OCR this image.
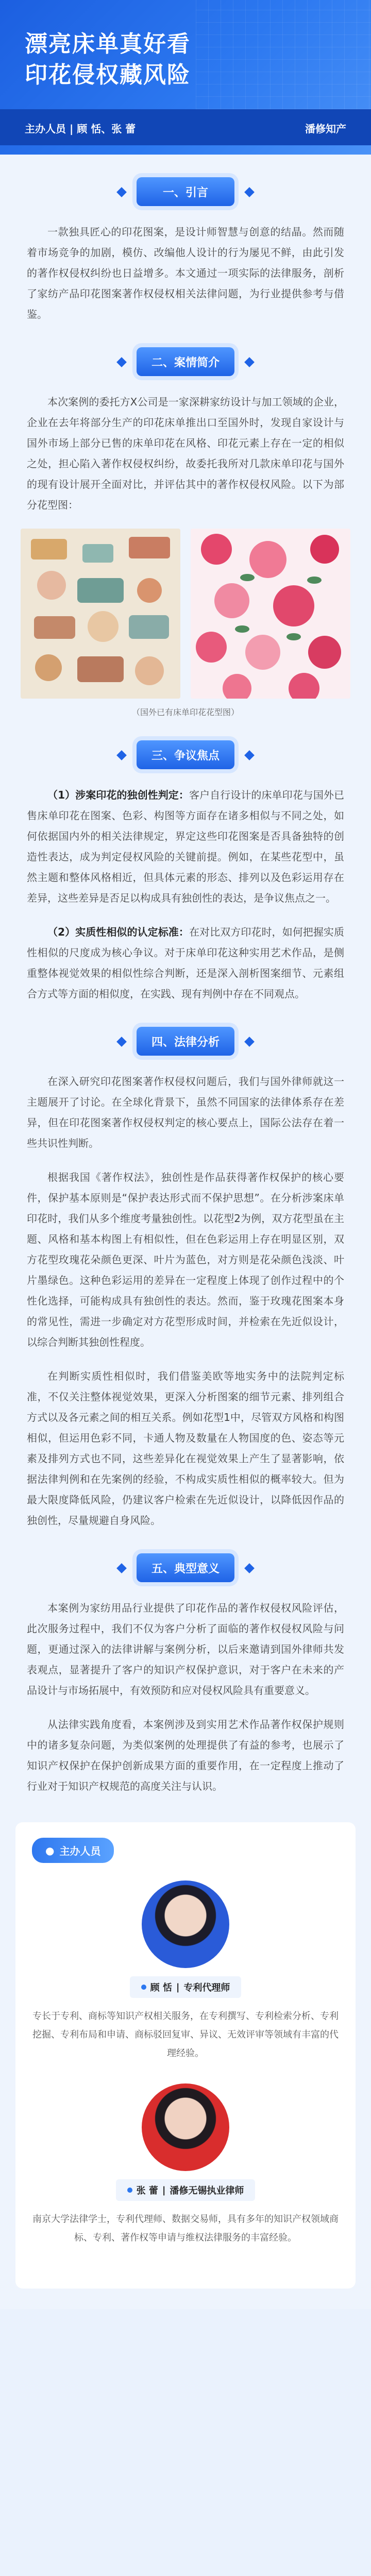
漂亮床单真好看
印花侵权藏风险
主办人员 | 顾 恬、张 蕾	潘修知产
一、引言

一款独具匠心的印花图案，是设计师智慧与创意的结晶。然而随着市场竞争的加剧，模仿、改编他人设计的行为屡见不鲜，由此引发的著作权侵权纠纷也日益增多。本文通过一项实际的法律服务，剖析了家纺产品印花图案著作权侵权相关法律问题，为行业提供参考与借鉴。

二、案情简介

本次案例的委托方X公司是一家深耕家纺设计与加工领域的企业，企业在去年将部分生产的印花床单推出口至国外时，发现自家设计与国外市场上部分已售的床单印花在风格、印花元素上存在一定的相似之处，担心陷入著作权侵权纠纷，故委托我所对几款床单印花与国外的现有设计展开全面对比，并评估其中的著作权侵权风险。以下为部分花型图：

（国外已有床单印花花型图）
三、争议焦点

（1）涉案印花的独创性判定：客户自行设计的床单印花与国外已售床单印花在图案、色彩、构图等方面存在诸多相似与不同之处，如何依据国内外的相关法律规定，界定这些印花图案是否具备独特的创造性表达，成为判定侵权风险的关键前提。例如，在某些花型中，虽然主题和整体风格相近，但具体元素的形态、排列以及色彩运用存在差异，这些差异是否足以构成具有独创性的表达，是争议焦点之一。

（2）实质性相似的认定标准：在对比双方印花时，如何把握实质性相似的尺度成为核心争议。对于床单印花这种实用艺术作品，是侧重整体视觉效果的相似性综合判断，还是深入剖析图案细节、元素组合方式等方面的相似度，在实践、现有判例中存在不同观点。

四、法律分析

在深入研究印花图案著作权侵权问题后，我们与国外律师就这一主题展开了讨论。在全球化背景下，虽然不同国家的法律体系存在差异，但在印花图案著作权侵权判定的核心要点上，国际公法存在着一些共识性判断。

根据我国《著作权法》，独创性是作品获得著作权保护的核心要件，保护基本原则是“保护表达形式而不保护思想”。在分析涉案床单印花时，我们从多个维度考量独创性。以花型2为例，双方花型虽在主题、风格和基本构图上有相似性，但在色彩运用上存在明显区别，双方花型玫瑰花朵颜色更深、叶片为蓝色，对方则是花朵颜色浅淡、叶片墨绿色。这种色彩运用的差异在一定程度上体现了创作过程中的个性化选择，可能构成具有独创性的表达。然而，鉴于玫瑰花图案本身的常见性，需进一步确定对方花型形成时间，并检索在先近似设计，以综合判断其独创性程度。

在判断实质性相似时，我们借鉴美欧等地实务中的法院判定标准，不仅关注整体视觉效果，更深入分析图案的细节元素、排列组合方式以及各元素之间的相互关系。例如花型1中，尽管双方风格和构图相似，但运用色彩不同，卡通人物及数量在人物国度的色、姿态等元素及排列方式也不同，这些差异化在视觉效果上产生了显著影响，依据法律判例和在先案例的经验，不构成实质性相似的概率较大。但为最大限度降低风险，仍建议客户检索在先近似设计，以降低因作品的独创性，尽量规避自身风险。

五、典型意义

本案例为家纺用品行业提供了印花作品的著作权侵权风险评估，此次服务过程中，我们不仅为客户分析了面临的著作权侵权风险与问题，更通过深入的法律讲解与案例分析，以后来邀请到国外律师共发表观点，显著提升了客户的知识产权保护意识，对于客户在未来的产品设计与市场拓展中，有效预防和应对侵权风险具有重要意义。

从法律实践角度看，本案例涉及到实用艺术作品著作权保护规则中的诸多复杂问题，为类似案例的处理提供了有益的参考，也展示了知识产权保护在保护创新成果方面的重要作用，在一定程度上推动了行业对于知识产权规范的高度关注与认识。

● 主办人员
顾 恬 | 专利代理师
专长于专利、商标等知识产权相关服务，在专利撰写、专利检索分析、专利挖掘、专利布局和申请、商标驳回复审、异议、无效评审等领域有丰富的代理经验。
张 蕾 | 潘修无锡执业律师
南京大学法律学士，专利代理师、数据交易师，具有多年的知识产权领域商标、专利、著作权等申请与维权法律服务的丰富经验。
